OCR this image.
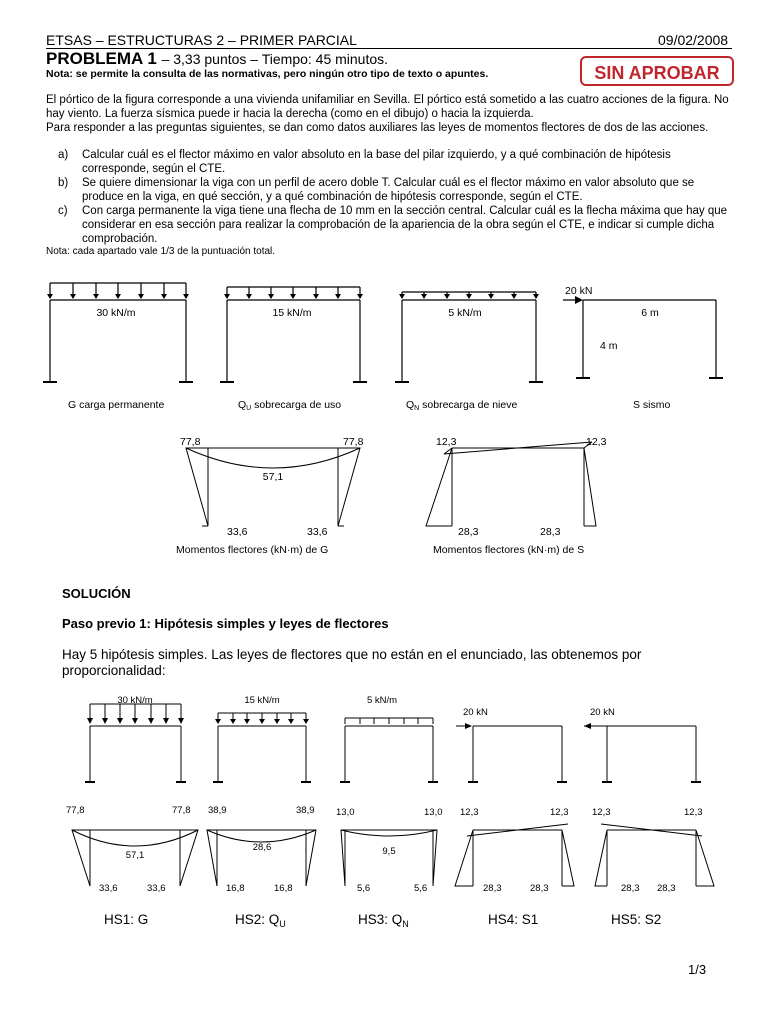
ETSAS – ESTRUCTURAS 2 – PRIMER PARCIAL	09/02/2008
PROBLEMA 1 – 3,33 puntos – Tiempo: 45 minutos.
Nota: se permite la consulta de las normativas, pero ningún otro tipo de texto o apuntes.	SIN APROBAR
El pórtico de la figura corresponde a una vivienda unifamiliar en Sevilla. El pórtico está sometido a las cuatro acciones de la figura. No hay viento. La fuerza sísmica puede ir hacia la derecha (como en el dibujo) o hacia la izquierda.
Para responder a las preguntas siguientes, se dan como datos auxiliares las leyes de momentos flectores de dos de las acciones.
a) Calcular cuál es el flector máximo en valor absoluto en la base del pilar izquierdo, y a qué combinación de hipótesis corresponde, según el CTE.
b) Se quiere dimensionar la viga con un perfil de acero doble T. Calcular cuál es el flector máximo en valor absoluto que se produce en la viga, en qué sección, y a qué combinación de hipótesis corresponde, según el CTE.
c) Con carga permanente la viga tiene una flecha de 10 mm en la sección central. Calcular cuál es la flecha máxima que hay que considerar en esa sección para realizar la comprobación de la apariencia de la obra según el CTE, e indicar si cumple dicha comprobación.
Nota: cada apartado vale 1/3 de la puntuación total.
30 kN/m	15 kN/m	5 kN/m
20 kN
6 m
4 m
G carga permanente	QU sobrecarga de uso	QN sobrecarga de nieve	S sismo
77,8	77,8
57,1
33,6	33,6
Momentos flectores (kN·m) de G
12,3	12,3
28,3	28,3
Momentos flectores (kN·m) de S
SOLUCIÓN
Paso previo 1: Hipótesis simples y leyes de flectores
Hay 5 hipótesis simples. Las leyes de flectores que no están en el enunciado, las obtenemos por proporcionalidad:
30 kN/m	15 kN/m	5 kN/m
20 kN	20 kN
77,8	77,8
57,1
33,6	33,6
38,9	38,9
28,6
16,8	16,8
13,0	13,0
9,5
5,6	5,6
12,3	12,3
28,3	28,3
12,3	12,3
28,3 28,3
HS1: G	HS2: $Q_U$	HS3: $Q_N$	HS4: S1	HS5: S2
1/3
